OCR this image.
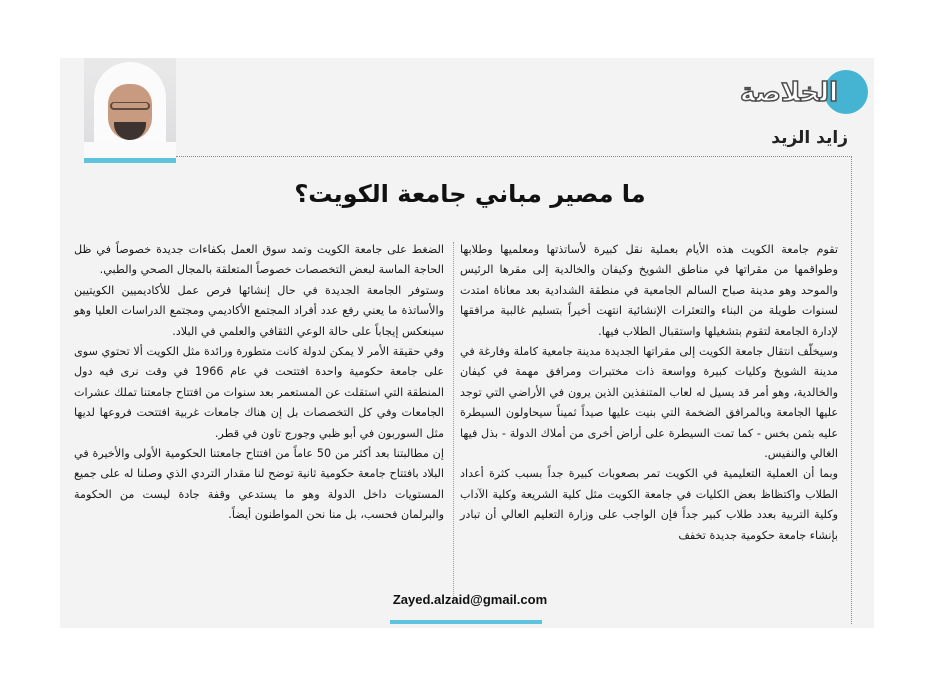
الخلاصة
زايد الزيد
ما مصير مباني جامعة الكويت؟

تقوم جامعة الكويت هذه الأيام بعملية نقل كبيرة لأساتذتها ومعلميها وطلابها وطواقمها من مقراتها في مناطق الشويخ وكيفان والخالدية إلى مقرها الرئيس والموحد وهو مدينة صباح السالم الجامعية في منطقة الشدادية بعد معاناة امتدت لسنوات طويلة من البناء والتعثرات الإنشائية انتهت أخيراً بتسليم غالبية مرافقها لإدارة الجامعة لتقوم بتشغيلها واستقبال الطلاب فيها.

وسيخلّف انتقال جامعة الكويت إلى مقراتها الجديدة مدينة جامعية كاملة وفارغة في مدينة الشويخ وكليات كبيرة وواسعة ذات مختبرات ومرافق مهمة في كيفان والخالدية، وهو أمر قد يسيل له لعاب المتنفذين الذين يرون في الأراضي التي توجد عليها الجامعة وبالمرافق الضخمة التي بنيت عليها صيداً ثميناً سيحاولون السيطرة عليه بثمن بخس - كما تمت السيطرة على أراض أخرى من أملاك الدولة - بذل فيها الغالي والنفيس.

وبما أن العملية التعليمية في الكويت تمر بصعوبات كبيرة جداً بسبب كثرة أعداد الطلاب واكتظاظ بعض الكليات في جامعة الكويت مثل كلية الشريعة وكلية الآداب وكلية التربية بعدد طلاب كبير جداً فإن الواجب على وزارة التعليم العالي أن تبادر بإنشاء جامعة حكومية جديدة تخفف

الضغط على جامعة الكويت وتمد سوق العمل بكفاءات جديدة خصوصاً في ظل الحاجة الماسة لبعض التخصصات خصوصاً المتعلقة بالمجال الصحي والطبي.

وستوفر الجامعة الجديدة في حال إنشائها فرص عمل للأكاديميين الكويتيين والأساتذة ما يعني رفع عدد أفراد المجتمع الأكاديمي ومجتمع الدراسات العليا وهو سينعكس إيجاباً على حالة الوعي الثقافي والعلمي في البلاد.

وفي حقيقة الأمر لا يمكن لدولة كانت متطورة ورائدة مثل الكويت ألا تحتوي سوى على جامعة حكومية واحدة افتتحت في عام 1966 في وقت نرى فيه دول المنطقة التي استقلت عن المستعمر بعد سنوات من افتتاح جامعتنا تملك عشرات الجامعات وفي كل التخصصات بل إن هناك جامعات غربية افتتحت فروعها لديها مثل السوربون في أبو ظبي وجورج تاون في قطر.

إن مطالبتنا بعد أكثر من 50 عاماً من افتتاح جامعتنا الحكومية الأولى والأخيرة في البلاد بافتتاح جامعة حكومية ثانية توضح لنا مقدار التردي الذي وصلنا له على جميع المستويات داخل الدولة وهو ما يستدعي وقفة جادة ليست من الحكومة والبرلمان فحسب، بل منا نحن المواطنون أيضاً.

Zayed.alzaid@gmail.com
